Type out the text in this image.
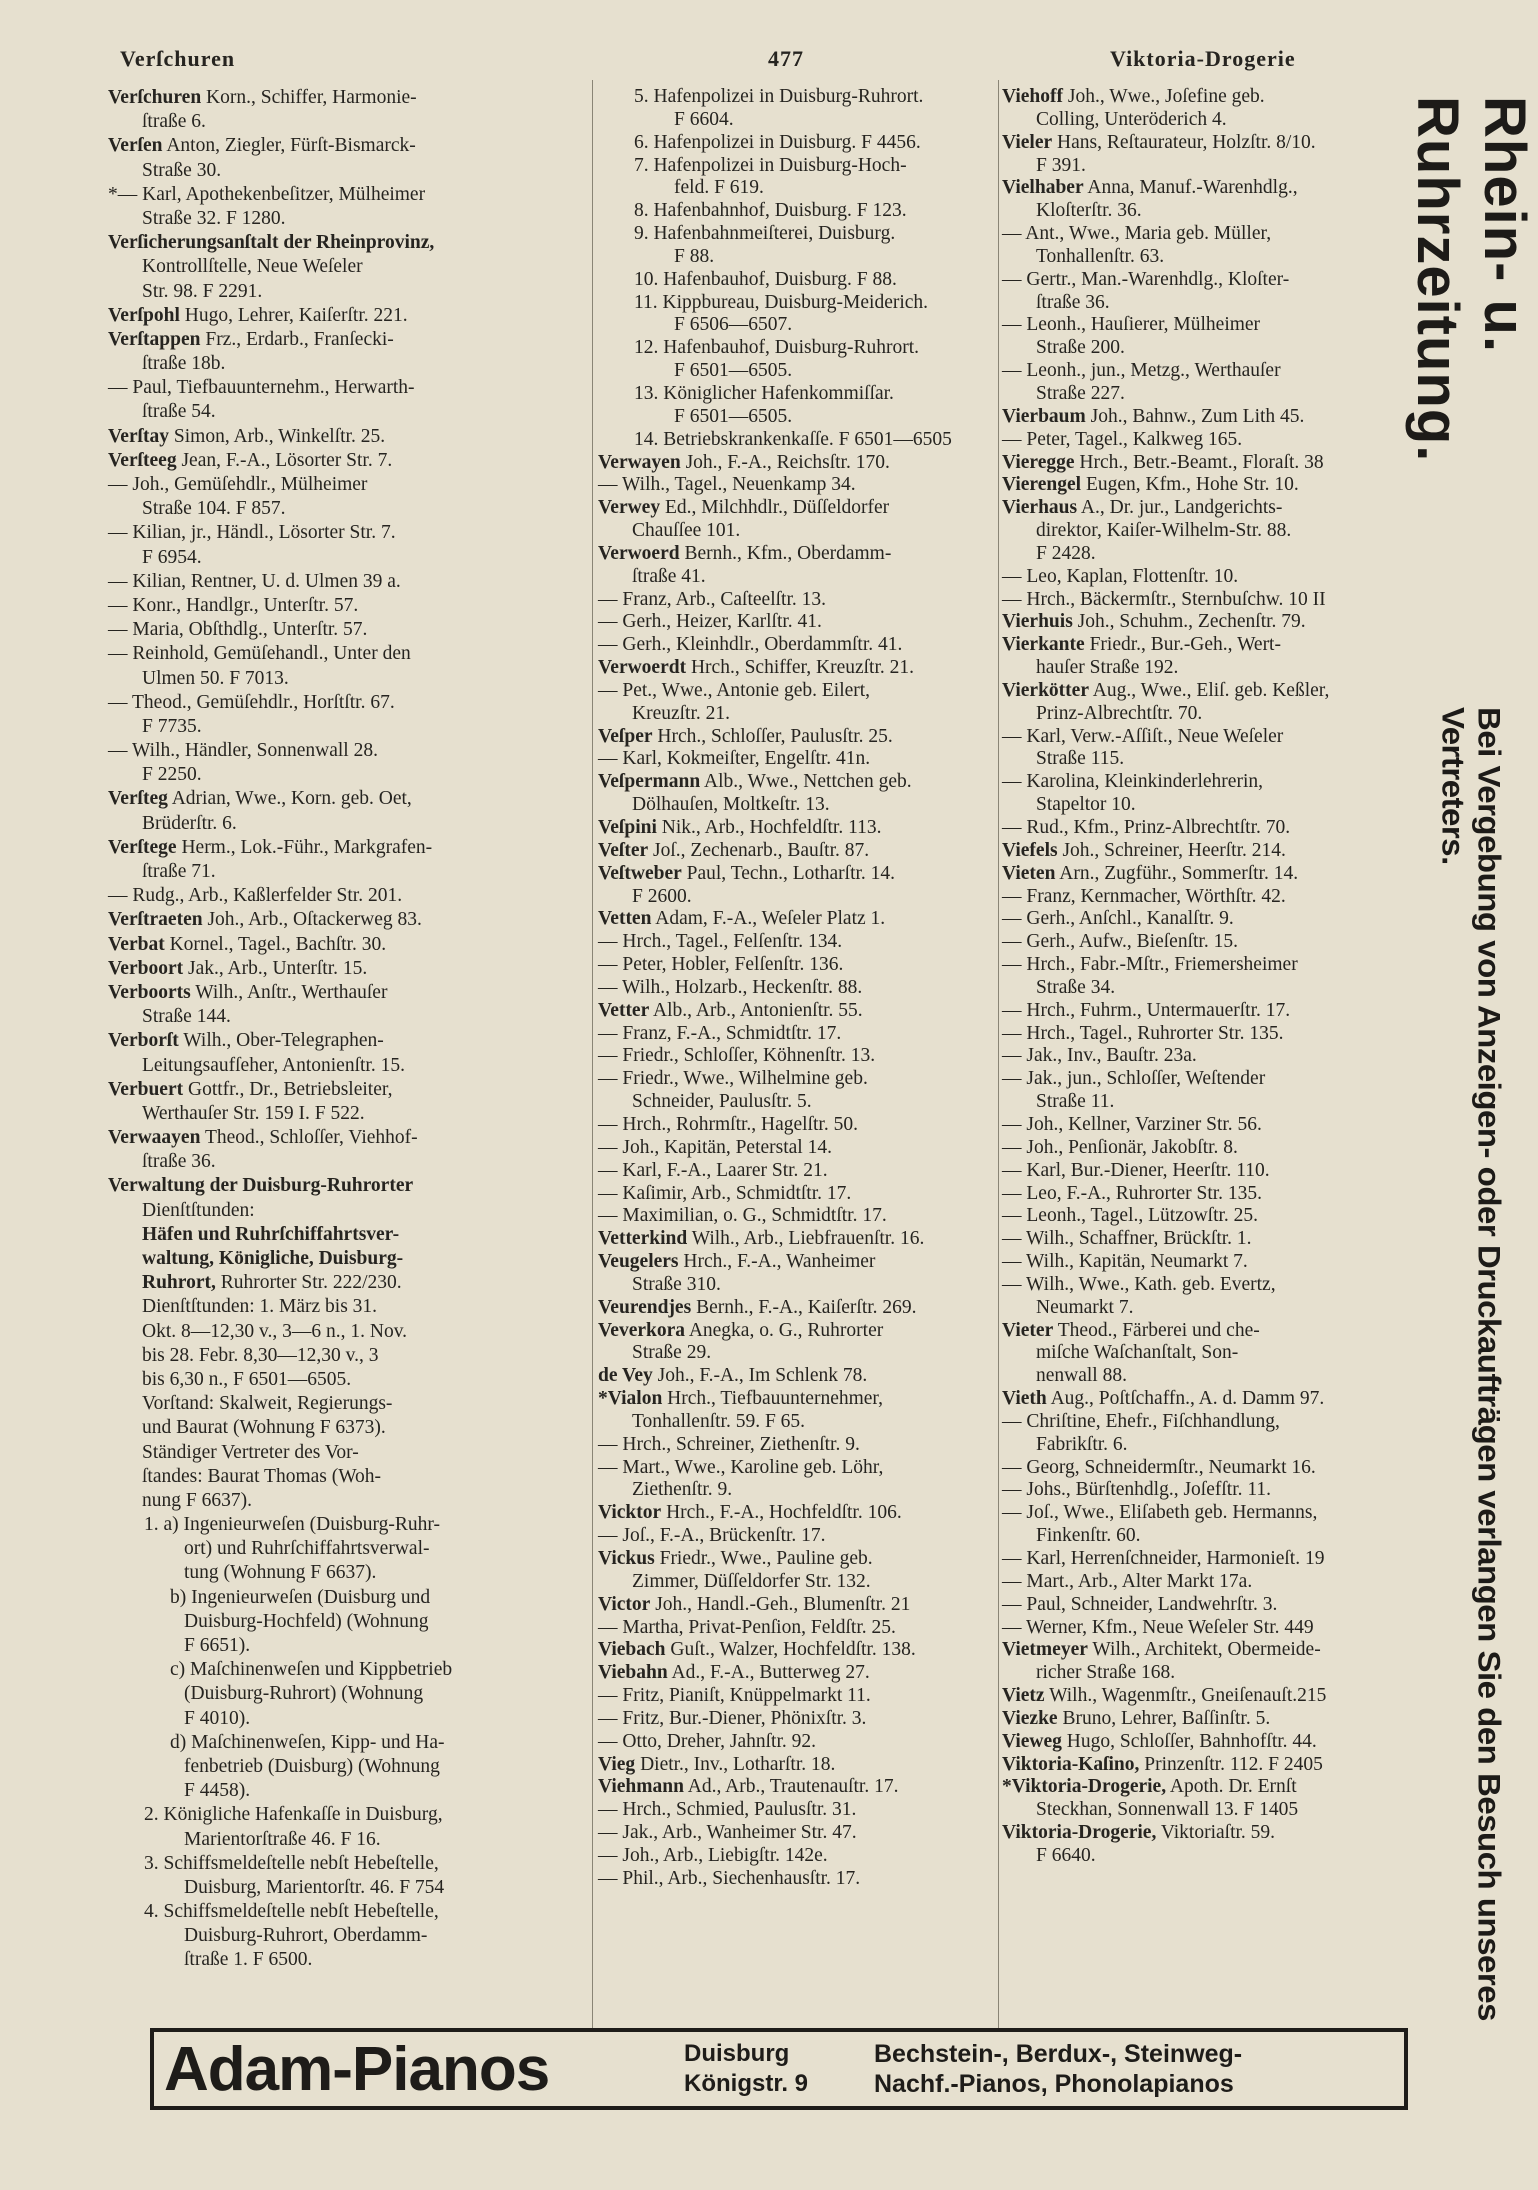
Verſchuren	477	Viktoria-Drogerie
Verſchuren Korn., Schiffer, Harmonie-
ſtraße 6.
Verſen Anton, Ziegler, Fürſt-Bismarck-
Straße 30.
*— Karl, Apothekenbeſitzer, Mülheimer
Straße 32. F 1280.
Verſicherungsanſtalt der Rheinprovinz,
Kontrollſtelle, Neue Weſeler
Str. 98. F 2291.
Verſpohl Hugo, Lehrer, Kaiſerſtr. 221.
Verſtappen Frz., Erdarb., Franſecki-
ſtraße 18b.
— Paul, Tiefbauunternehm., Herwarth-
ſtraße 54.
Verſtay Simon, Arb., Winkelſtr. 25.
Verſteeg Jean, F.-A., Lösorter Str. 7.
— Joh., Gemüſehdlr., Mülheimer
Straße 104. F 857.
— Kilian, jr., Händl., Lösorter Str. 7.
F 6954.
— Kilian, Rentner, U. d. Ulmen 39 a.
— Konr., Handlgr., Unterſtr. 57.
— Maria, Obſthdlg., Unterſtr. 57.
— Reinhold, Gemüſehandl., Unter den
Ulmen 50. F 7013.
— Theod., Gemüſehdlr., Horſtſtr. 67.
F 7735.
— Wilh., Händler, Sonnenwall 28.
F 2250.
Verſteg Adrian, Wwe., Korn. geb. Oet,
Brüderſtr. 6.
Verſtege Herm., Lok.-Führ., Markgrafen-
ſtraße 71.
— Rudg., Arb., Kaßlerfelder Str. 201.
Verſtraeten Joh., Arb., Oſtackerweg 83.
Verbat Kornel., Tagel., Bachſtr. 30.
Verboort Jak., Arb., Unterſtr. 15.
Verboorts Wilh., Anſtr., Werthauſer
Straße 144.
Verborſt Wilh., Ober-Telegraphen-
Leitungsaufſeher, Antonienſtr. 15.
Verbuert Gottfr., Dr., Betriebsleiter,
Werthauſer Str. 159 I. F 522.
Verwaayen Theod., Schloſſer, Viehhof-
ſtraße 36.
Verwaltung der Duisburg-Ruhrorter
Dienſtſtunden:
Häfen und Ruhrſchiffahrtsver-
waltung, Königliche, Duisburg-
Ruhrort, Ruhrorter Str. 222/230.
Dienſtſtunden: 1. März bis 31.
Okt. 8—12,30 v., 3—6 n., 1. Nov.
bis 28. Febr. 8,30—12,30 v., 3
bis 6,30 n., F 6501—6505.
Vorſtand: Skalweit, Regierungs-
und Baurat (Wohnung F 6373).
Ständiger Vertreter des Vor-
ſtandes: Baurat Thomas (Woh-
nung F 6637).
1. a) Ingenieurweſen (Duisburg-Ruhr-
ort) und Ruhrſchiffahrtsverwal-
tung (Wohnung F 6637).
b) Ingenieurweſen (Duisburg und
Duisburg-Hochfeld) (Wohnung
F 6651).
c) Maſchinenweſen und Kippbetrieb
(Duisburg-Ruhrort) (Wohnung
F 4010).
d) Maſchinenweſen, Kipp- und Ha-
fenbetrieb (Duisburg) (Wohnung
F 4458).
2. Königliche Hafenkaſſe in Duisburg,
Marientorſtraße 46. F 16.
3. Schiffsmeldeſtelle nebſt Hebeſtelle,
Duisburg, Marientorſtr. 46. F 754
4. Schiffsmeldeſtelle nebſt Hebeſtelle,
Duisburg-Ruhrort, Oberdamm-
ſtraße 1. F 6500.
5. Hafenpolizei in Duisburg-Ruhrort.
F 6604.
6. Hafenpolizei in Duisburg. F 4456.
7. Hafenpolizei in Duisburg-Hoch-
feld. F 619.
8. Hafenbahnhof, Duisburg. F 123.
9. Hafenbahnmeiſterei, Duisburg.
F 88.
10. Hafenbauhof, Duisburg. F 88.
11. Kippbureau, Duisburg-Meiderich.
F 6506—6507.
12. Hafenbauhof, Duisburg-Ruhrort.
F 6501—6505.
13. Königlicher Hafenkommiſſar.
F 6501—6505.
14. Betriebskrankenkaſſe. F 6501—6505
Verwayen Joh., F.-A., Reichsſtr. 170.
— Wilh., Tagel., Neuenkamp 34.
Verwey Ed., Milchhdlr., Düſſeldorfer
Chauſſee 101.
Verwoerd Bernh., Kfm., Oberdamm-
ſtraße 41.
— Franz, Arb., Caſteelſtr. 13.
— Gerh., Heizer, Karlſtr. 41.
— Gerh., Kleinhdlr., Oberdammſtr. 41.
Verwoerdt Hrch., Schiffer, Kreuzſtr. 21.
— Pet., Wwe., Antonie geb. Eilert,
Kreuzſtr. 21.
Veſper Hrch., Schloſſer, Paulusſtr. 25.
— Karl, Kokmeiſter, Engelſtr. 41n.
Veſpermann Alb., Wwe., Nettchen geb.
Dölhauſen, Moltkeſtr. 13.
Veſpini Nik., Arb., Hochfeldſtr. 113.
Veſter Joſ., Zechenarb., Bauſtr. 87.
Veſtweber Paul, Techn., Lotharſtr. 14.
F 2600.
Vetten Adam, F.-A., Weſeler Platz 1.
— Hrch., Tagel., Felſenſtr. 134.
— Peter, Hobler, Felſenſtr. 136.
— Wilh., Holzarb., Heckenſtr. 88.
Vetter Alb., Arb., Antonienſtr. 55.
— Franz, F.-A., Schmidtſtr. 17.
— Friedr., Schloſſer, Köhnenſtr. 13.
— Friedr., Wwe., Wilhelmine geb.
Schneider, Paulusſtr. 5.
— Hrch., Rohrmſtr., Hagelſtr. 50.
— Joh., Kapitän, Peterstal 14.
— Karl, F.-A., Laarer Str. 21.
— Kaſimir, Arb., Schmidtſtr. 17.
— Maximilian, o. G., Schmidtſtr. 17.
Vetterkind Wilh., Arb., Liebfrauenſtr. 16.
Veugelers Hrch., F.-A., Wanheimer
Straße 310.
Veurendjes Bernh., F.-A., Kaiſerſtr. 269.
Veverkora Anegka, o. G., Ruhrorter
Straße 29.
de Vey Joh., F.-A., Im Schlenk 78.
*Vialon Hrch., Tiefbauunternehmer,
Tonhallenſtr. 59. F 65.
— Hrch., Schreiner, Ziethenſtr. 9.
— Mart., Wwe., Karoline geb. Löhr,
Ziethenſtr. 9.
Vicktor Hrch., F.-A., Hochfeldſtr. 106.
— Joſ., F.-A., Brückenſtr. 17.
Vickus Friedr., Wwe., Pauline geb.
Zimmer, Düſſeldorfer Str. 132.
Victor Joh., Handl.-Geh., Blumenſtr. 21
— Martha, Privat-Penſion, Feldſtr. 25.
Viebach Guſt., Walzer, Hochfeldſtr. 138.
Viebahn Ad., F.-A., Butterweg 27.
— Fritz, Pianiſt, Knüppelmarkt 11.
— Fritz, Bur.-Diener, Phönixſtr. 3.
— Otto, Dreher, Jahnſtr. 92.
Vieg Dietr., Inv., Lotharſtr. 18.
Viehmann Ad., Arb., Trautenauſtr. 17.
— Hrch., Schmied, Paulusſtr. 31.
— Jak., Arb., Wanheimer Str. 47.
— Joh., Arb., Liebigſtr. 142e.
— Phil., Arb., Siechenhausſtr. 17.
Viehoff Joh., Wwe., Joſefine geb.
Colling, Unteröderich 4.
Vieler Hans, Reſtaurateur, Holzſtr. 8/10.
F 391.
Vielhaber Anna, Manuf.-Warenhdlg.,
Kloſterſtr. 36.
— Ant., Wwe., Maria geb. Müller,
Tonhallenſtr. 63.
— Gertr., Man.-Warenhdlg., Kloſter-
ſtraße 36.
— Leonh., Hauſierer, Mülheimer
Straße 200.
— Leonh., jun., Metzg., Werthauſer
Straße 227.
Vierbaum Joh., Bahnw., Zum Lith 45.
— Peter, Tagel., Kalkweg 165.
Vieregge Hrch., Betr.-Beamt., Floraſt. 38
Vierengel Eugen, Kfm., Hohe Str. 10.
Vierhaus A., Dr. jur., Landgerichts-
direktor, Kaiſer-Wilhelm-Str. 88.
F 2428.
— Leo, Kaplan, Flottenſtr. 10.
— Hrch., Bäckermſtr., Sternbuſchw. 10 II
Vierhuis Joh., Schuhm., Zechenſtr. 79.
Vierkante Friedr., Bur.-Geh., Wert-
hauſer Straße 192.
Vierkötter Aug., Wwe., Eliſ. geb. Keßler,
Prinz-Albrechtſtr. 70.
— Karl, Verw.-Aſſiſt., Neue Weſeler
Straße 115.
— Karolina, Kleinkinderlehrerin,
Stapeltor 10.
— Rud., Kfm., Prinz-Albrechtſtr. 70.
Viefels Joh., Schreiner, Heerſtr. 214.
Vieten Arn., Zugführ., Sommerſtr. 14.
— Franz, Kernmacher, Wörthſtr. 42.
— Gerh., Anſchl., Kanalſtr. 9.
— Gerh., Aufw., Bieſenſtr. 15.
— Hrch., Fabr.-Mſtr., Friemersheimer
Straße 34.
— Hrch., Fuhrm., Untermauerſtr. 17.
— Hrch., Tagel., Ruhrorter Str. 135.
— Jak., Inv., Bauſtr. 23a.
— Jak., jun., Schloſſer, Weſtender
Straße 11.
— Joh., Kellner, Varziner Str. 56.
— Joh., Penſionär, Jakobſtr. 8.
— Karl, Bur.-Diener, Heerſtr. 110.
— Leo, F.-A., Ruhrorter Str. 135.
— Leonh., Tagel., Lützowſtr. 25.
— Wilh., Schaffner, Brückſtr. 1.
— Wilh., Kapitän, Neumarkt 7.
— Wilh., Wwe., Kath. geb. Evertz,
Neumarkt 7.
Vieter Theod., Färberei und che-
miſche Waſchanſtalt, Son-
nenwall 88.
Vieth Aug., Poſtſchaffn., A. d. Damm 97.
— Chriſtine, Ehefr., Fiſchhandlung,
Fabrikſtr. 6.
— Georg, Schneidermſtr., Neumarkt 16.
— Johs., Bürſtenhdlg., Joſefſtr. 11.
— Joſ., Wwe., Eliſabeth geb. Hermanns,
Finkenſtr. 60.
— Karl, Herrenſchneider, Harmonieſt. 19
— Mart., Arb., Alter Markt 17a.
— Paul, Schneider, Landwehrſtr. 3.
— Werner, Kfm., Neue Weſeler Str. 449
Vietmeyer Wilh., Architekt, Obermeide-
richer Straße 168.
Vietz Wilh., Wagenmſtr., Gneiſenauſt.215
Viezke Bruno, Lehrer, Baſſinſtr. 5.
Vieweg Hugo, Schloſſer, Bahnhofſtr. 44.
Viktoria-Kaſino, Prinzenſtr. 112. F 2405
*Viktoria-Drogerie, Apoth. Dr. Ernſt
Steckhan, Sonnenwall 13. F 1405
Viktoria-Drogerie, Viktoriaſtr. 59.
F 6640.
Rhein- u. Ruhrzeitung.
Bei Vergebung von Anzeigen- oder Druckaufträgen verlangen Sie den Besuch unseres Vertreters.
Adam-Pianos	Duisburg
Königstr. 9
Bechstein-, Berdux-, Steinweg-
Nachf.-Pianos, Phonolapianos
